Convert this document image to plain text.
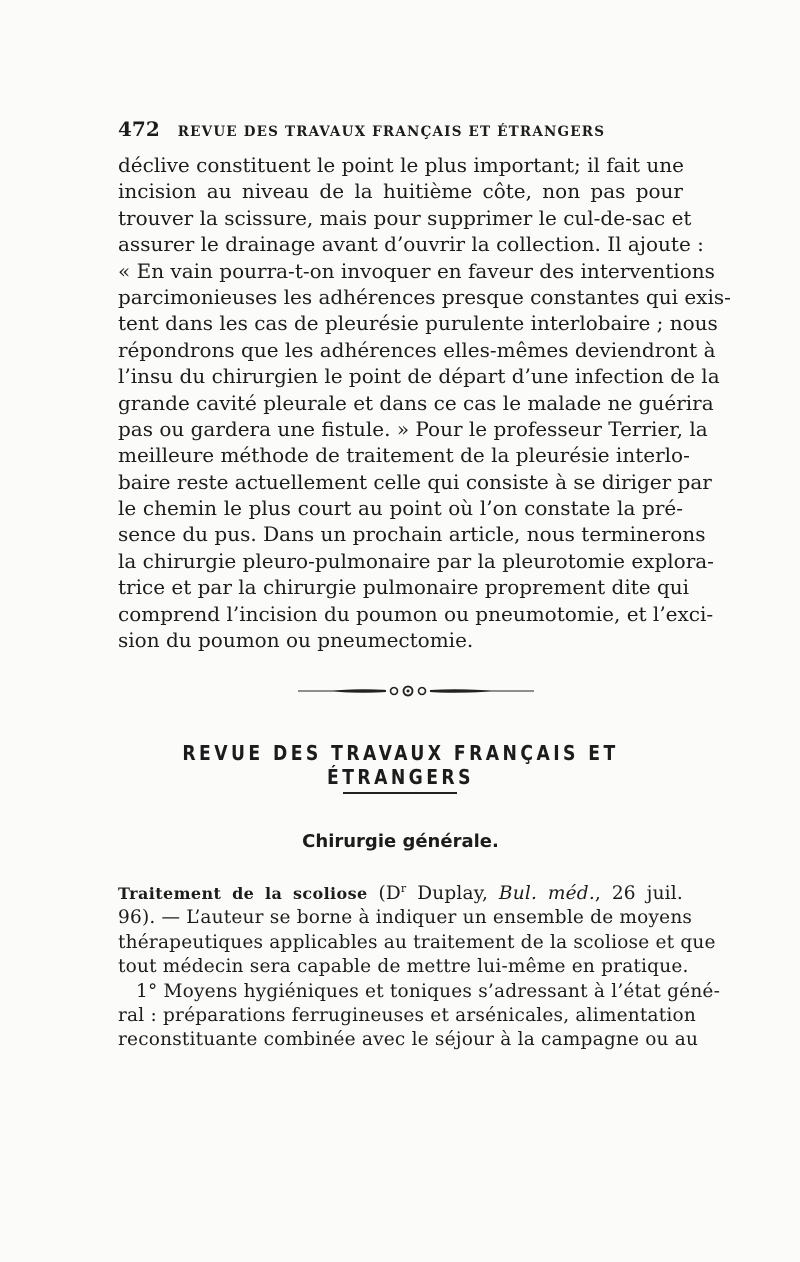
472 REVUE DES TRAVAUX FRANÇAIS ET ÉTRANGERS
déclive constituent le point le plus important; il fait une
incision au niveau de la huitième côte, non pas pour
trouver la scissure, mais pour supprimer le cul-de-sac et
assurer le drainage avant d’ouvrir la collection. Il ajoute :
« En vain pourra-t-on invoquer en faveur des interventions
parcimonieuses les adhérences presque constantes qui exis-
tent dans les cas de pleurésie purulente interlobaire ; nous
répondrons que les adhérences elles-mêmes deviendront à
l’insu du chirurgien le point de départ d’une infection de la
grande cavité pleurale et dans ce cas le malade ne guérira
pas ou gardera une fistule. » Pour le professeur Terrier, la
meilleure méthode de traitement de la pleurésie interlo-
baire reste actuellement celle qui consiste à se diriger par
le chemin le plus court au point où l’on constate la pré-
sence du pus. Dans un prochain article, nous terminerons
la chirurgie pleuro-pulmonaire par la pleurotomie explora-
trice et par la chirurgie pulmonaire proprement dite qui
comprend l’incision du poumon ou pneumotomie, et l’exci-
sion du poumon ou pneumectomie.
REVUE DES TRAVAUX FRANÇAIS ET ÉTRANGERS
Chirurgie générale.
Traitement de la scoliose ($D^r$ Duplay, Bul. méd., 26 juil.
96). — L’auteur se borne à indiquer un ensemble de moyens
thérapeutiques applicables au traitement de la scoliose et que
tout médecin sera capable de mettre lui-même en pratique.
1° Moyens hygiéniques et toniques s’adressant à l’état géné-
ral : préparations ferrugineuses et arsénicales, alimentation
reconstituante combinée avec le séjour à la campagne ou au
